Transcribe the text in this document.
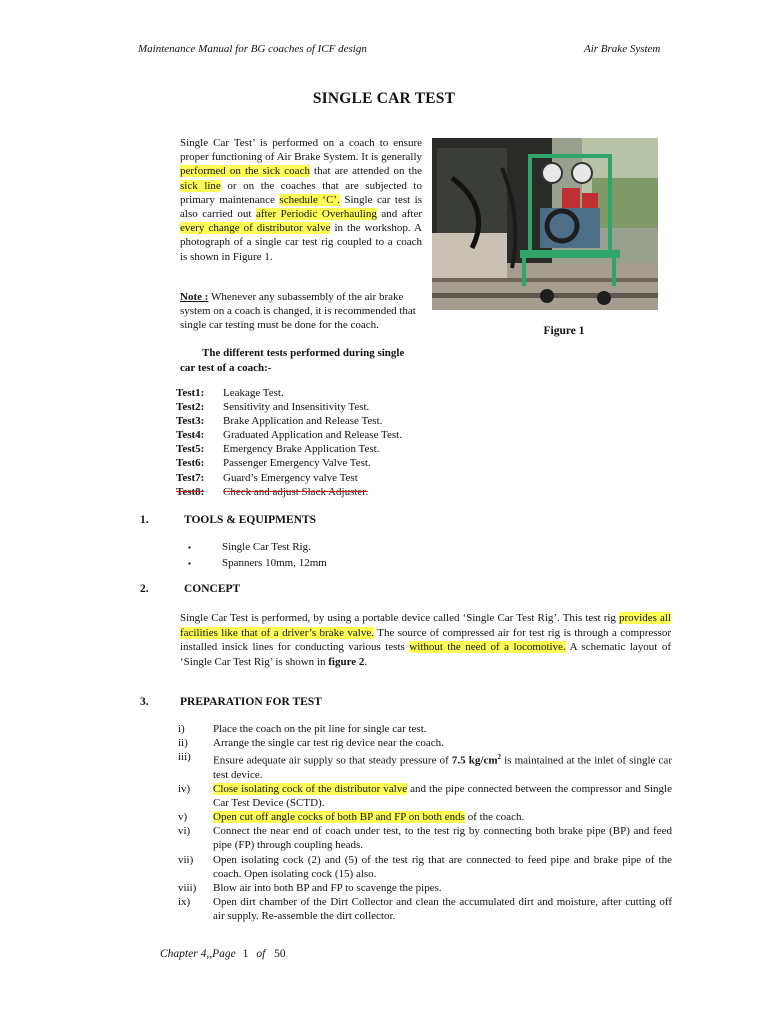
Maintenance Manual for BG coaches of ICF design	Air Brake System
SINGLE CAR TEST
Single Car Test’ is performed on a coach to ensure proper functioning of Air Brake System. It is generally performed on the sick coach that are attended on the sick line or on the coaches that are subjected to primary maintenance schedule ‘C’. Single car test is also carried out after Periodic Overhauling and after every change of distributor valve in the workshop. A photograph of a single car test rig coupled to a coach is shown in Figure 1.
Note : Whenever any subassembly of the air brake system on a coach is changed, it is recommended that single car testing must be done for the coach.	Figure 1
The different tests performed during single
car test of a coach:-
Test1:	Leakage Test.
Test2:	Sensitivity and Insensitivity Test.
Test3:	Brake Application and Release Test.
Test4:	Graduated Application and Release Test.
Test5:	Emergency Brake Application Test.
Test6:	Passenger Emergency Valve Test.
Test7:	Guard’s Emergency valve Test
Test8:	Check and adjust Slack Adjuster.
1.	TOOLS & EQUIPMENTS
▪	Single Car Test Rig.
▪	Spanners 10mm, 12mm
2.	CONCEPT
Single Car Test is performed, by using a portable device called ‘Single Car Test Rig’. This test rig provides all facilities like that of a driver’s brake valve. The source of compressed air for test rig is through a compressor installed insick lines for conducting various tests without the need of a locomotive. A schematic layout of ‘Single Car Test Rig’ is shown in figure 2.
3.	PREPARATION FOR TEST
i)	Place the coach on the pit line for single car test.
ii)	Arrange the single car test rig device near the coach.
iii)	Ensure adequate air supply so that steady pressure of 7.5 $kg/cm^2$ is maintained at the inlet of single car test device.
iv)	Close isolating cock of the distributor valve and the pipe connected between the compressor and Single Car Test Device (SCTD).
v)	Open cut off angle cocks of both BP and FP on both ends of the coach.
vi)	Connect the near end of coach under test, to the test rig by connecting both brake pipe (BP) and feed pipe (FP) through coupling heads.
vii)	Open isolating cock (2) and (5) of the test rig that are connected to feed pipe and brake pipe of the coach. Open isolating cock (15) also.
viii)	Blow air into both BP and FP to scavenge the pipes.
ix)	Open dirt chamber of the Dirt Collector and clean the accumulated dirt and moisture, after cutting off air supply. Re-assemble the dirt collector.
Chapter 4,,Page 1 of 50
